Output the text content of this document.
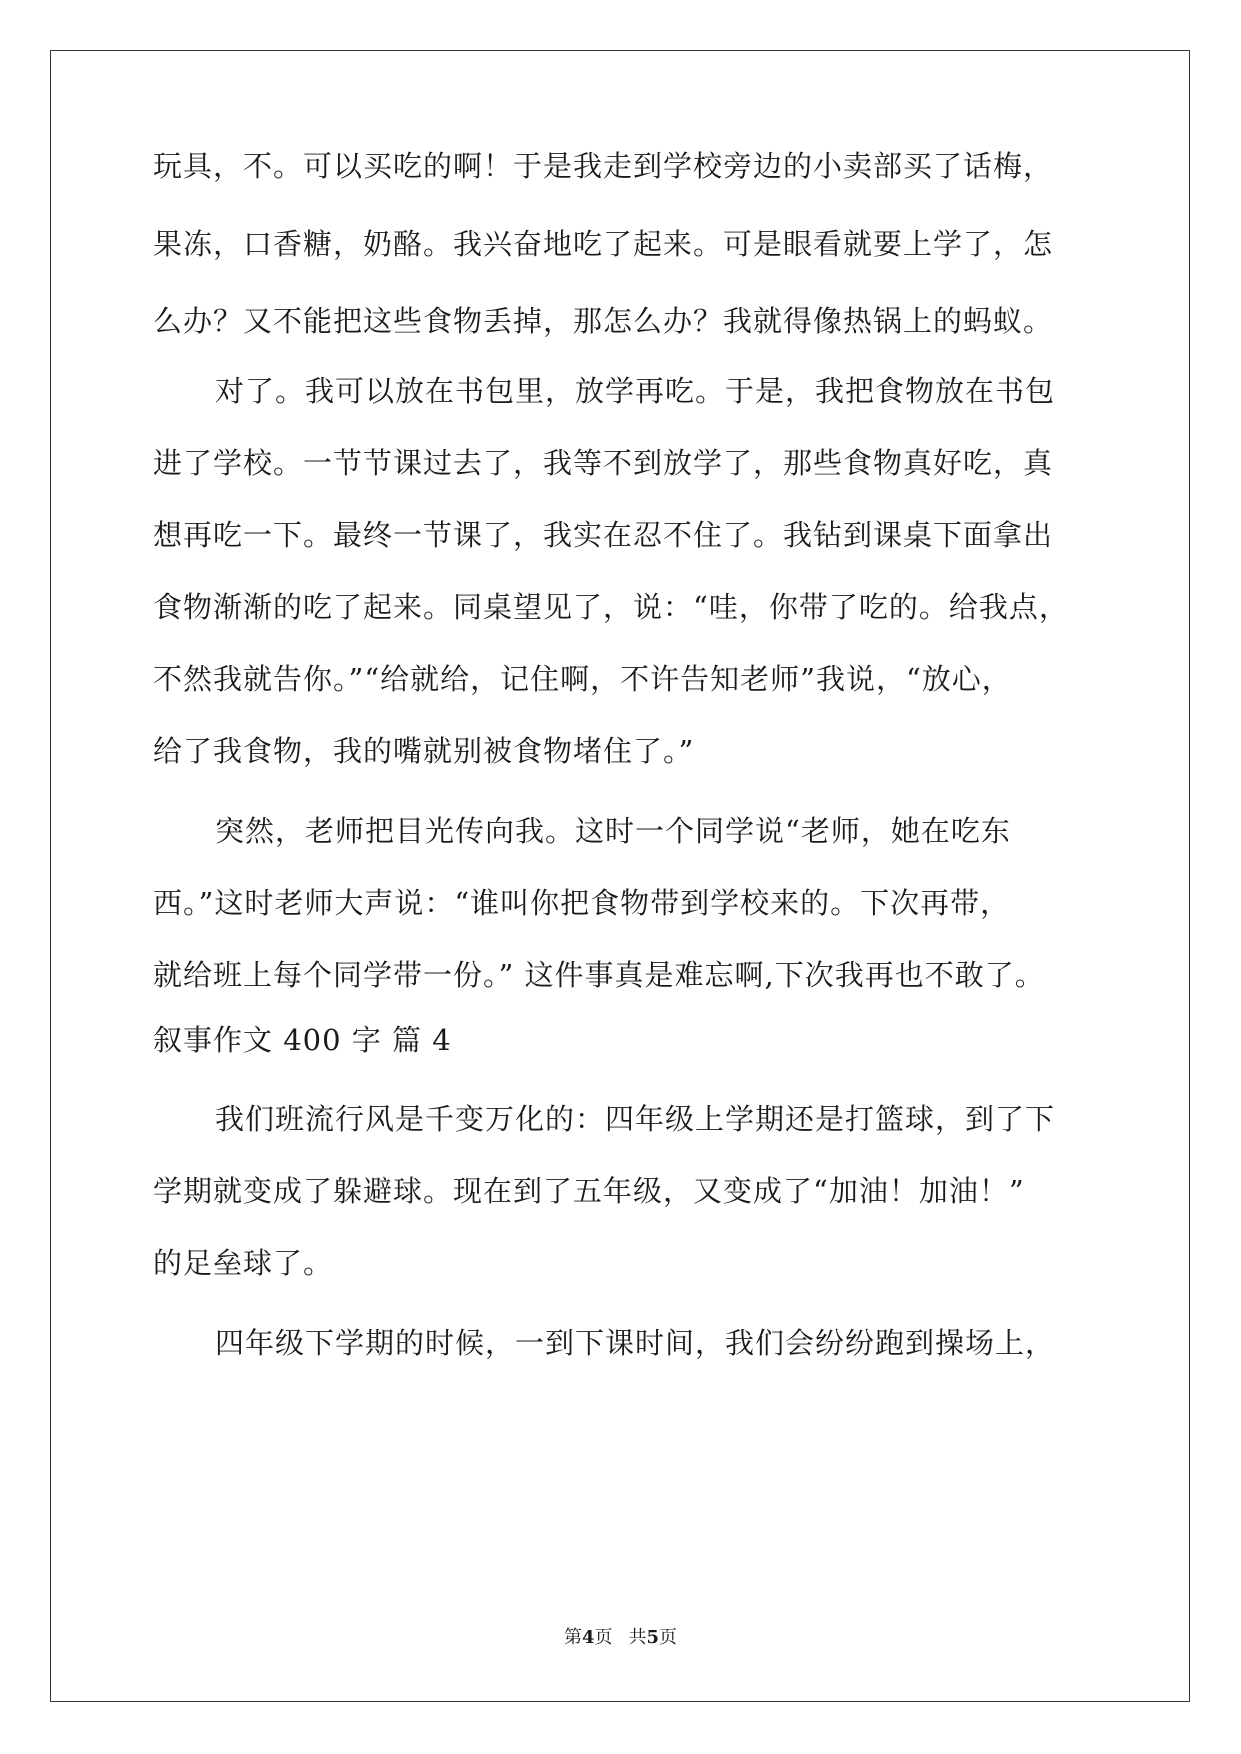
玩具，不。可以买吃的啊！于是我走到学校旁边的小卖部买了话梅，
果冻，口香糖，奶酪。我兴奋地吃了起来。可是眼看就要上学了，怎
么办？又不能把这些食物丢掉，那怎么办？我就得像热锅上的蚂蚁。
对了。我可以放在书包里，放学再吃。于是，我把食物放在书包
进了学校。一节节课过去了，我等不到放学了，那些食物真好吃，真
想再吃一下。最终一节课了，我实在忍不住了。我钻到课桌下面拿出
食物渐渐的吃了起来。同桌望见了，说：“哇，你带了吃的。给我点，
不然我就告你。”“给就给，记住啊，不许告知老师”我说，“放心，
给了我食物，我的嘴就别被食物堵住了。”
突然，老师把目光传向我。这时一个同学说“老师，她在吃东
西。”这时老师大声说：“谁叫你把食物带到学校来的。下次再带，
就给班上每个同学带一份。” 这件事真是难忘啊,下次我再也不敢了。
叙事作文 400 字 篇 4
我们班流行风是千变万化的：四年级上学期还是打篮球，到了下
学期就变成了躲避球。现在到了五年级，又变成了“加油！加油！”
的足垒球了。
四年级下学期的时候，一到下课时间，我们会纷纷跑到操场上，
第4页 共5页
